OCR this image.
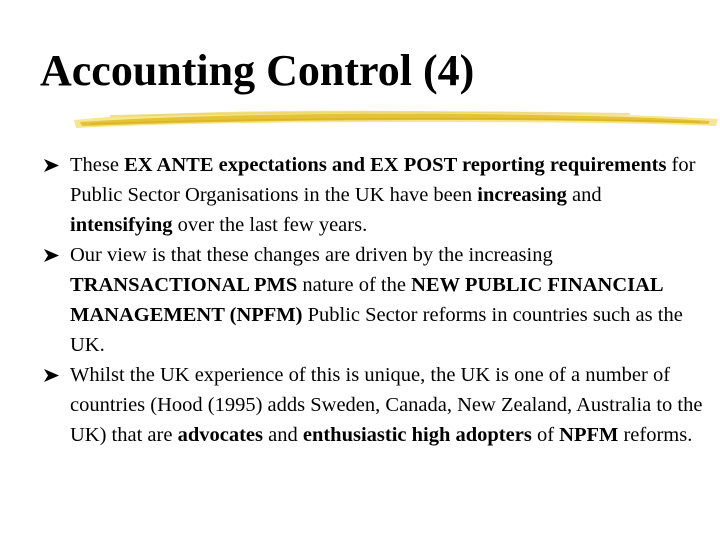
Accounting Control (4)
These EX ANTE expectations and EX POST reporting requirements for Public Sector Organisations in the UK have been increasing and intensifying over the last few years.
Our view is that these changes are driven by the increasing TRANSACTIONAL PMS nature of the NEW PUBLIC FINANCIAL MANAGEMENT (NPFM) Public Sector reforms in countries such as the UK.
Whilst the UK experience of this is unique, the UK is one of a number of countries (Hood (1995) adds Sweden, Canada, New Zealand, Australia to the UK) that are advocates and enthusiastic high adopters of NPFM reforms.
